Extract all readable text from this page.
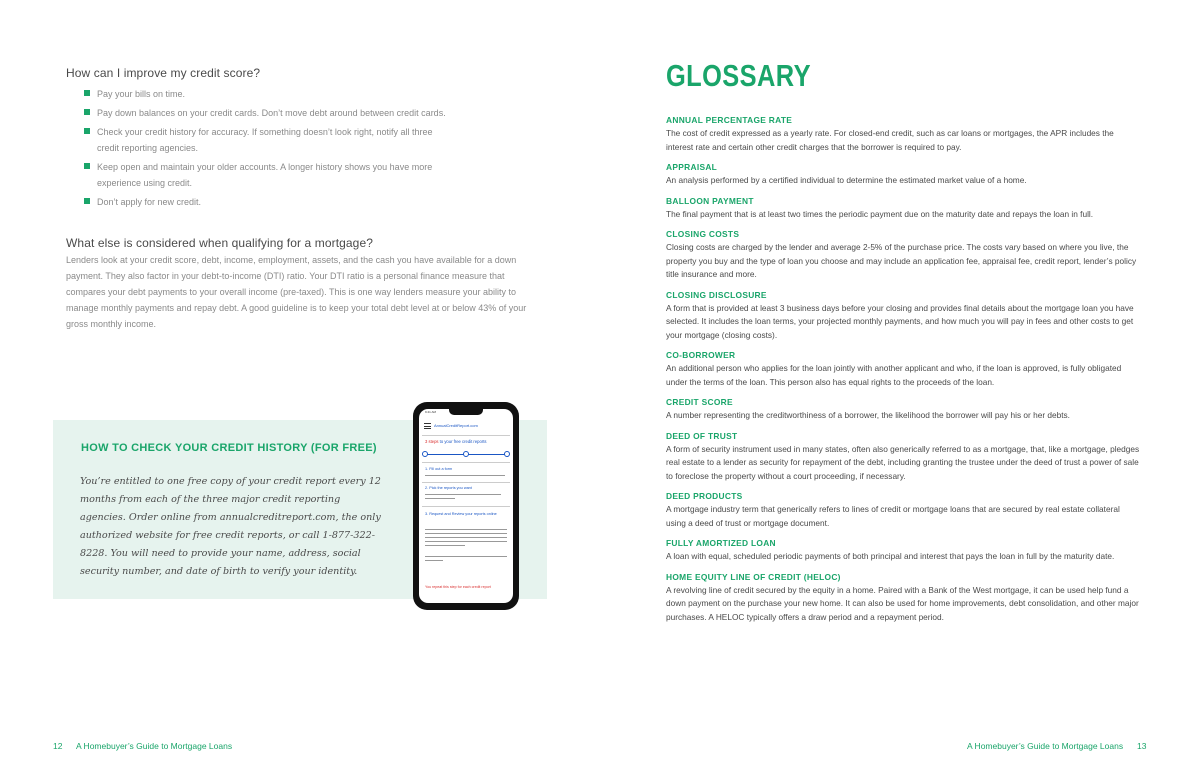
How can I improve my credit score?
Pay your bills on time.
Pay down balances on your credit cards. Don’t move debt around between credit cards.
Check your credit history for accuracy. If something doesn’t look right, notify all three credit reporting agencies.
Keep open and maintain your older accounts. A longer history shows you have more experience using credit.
Don’t apply for new credit.
What else is considered when qualifying for a mortgage?

Lenders look at your credit score, debt, income, employment, assets, and the cash you have available for a down payment. They also factor in your debt-to-income (DTI) ratio. Your DTI ratio is a personal finance measure that compares your debt payments to your overall income (pre-taxed). This is one way lenders measure your ability to manage monthly payments and repay debt. A good guideline is to keep your total debt level at or below 43% of your gross monthly income.

HOW TO CHECK YOUR CREDIT HISTORY (FOR FREE)

You’re entitled to one free copy of your credit report every 12 months from each of the three major credit reporting agencies. Order online from annualcreditreport.com, the only authorized website for free credit reports, or call 1-877-322-8228. You will need to provide your name, address, social security number, and date of birth to verify your identity.

9:41 AM
AnnualCreditReport.com
3 steps to your free credit reports
1. Fill out a form
2. Pick the reports you want
3. Request and Review your reports online
You repeat this step for each credit report
12 A Homebuyer’s Guide to Mortgage Loans
GLOSSARY
ANNUAL PERCENTAGE RATE
The cost of credit expressed as a yearly rate. For closed-end credit, such as car loans or mortgages, the APR includes the interest rate and certain other credit charges that the borrower is required to pay.
APPRAISAL
An analysis performed by a certified individual to determine the estimated market value of a home.
BALLOON PAYMENT
The final payment that is at least two times the periodic payment due on the maturity date and repays the loan in full.
CLOSING COSTS
Closing costs are charged by the lender and average 2-5% of the purchase price. The costs vary based on where you live, the property you buy and the type of loan you choose and may include an application fee, appraisal fee, credit report, lender’s policy title insurance and more.
CLOSING DISCLOSURE
A form that is provided at least 3 business days before your closing and provides final details about the mortgage loan you have selected. It includes the loan terms, your projected monthly payments, and how much you will pay in fees and other costs to get your mortgage (closing costs).
CO-BORROWER
An additional person who applies for the loan jointly with another applicant and who, if the loan is approved, is fully obligated under the terms of the loan. This person also has equal rights to the proceeds of the loan.
CREDIT SCORE
A number representing the creditworthiness of a borrower, the likelihood the borrower will pay his or her debts.
DEED OF TRUST
A form of security instrument used in many states, often also generically referred to as a mortgage, that, like a mortgage, pledges real estate to a lender as security for repayment of the debt, including granting the trustee under the deed of trust a power of sale to foreclose the property without a court proceeding, if necessary.
DEED PRODUCTS
A mortgage industry term that generically refers to lines of credit or mortgage loans that are secured by real estate collateral using a deed of trust or mortgage document.
FULLY AMORTIZED LOAN
A loan with equal, scheduled periodic payments of both principal and interest that pays the loan in full by the maturity date.
HOME EQUITY LINE OF CREDIT (HELOC)
A revolving line of credit secured by the equity in a home. Paired with a Bank of the West mortgage, it can be used help fund a down payment on the purchase your new home. It can also be used for home improvements, debt consolidation, and other major purchases. A HELOC typically offers a draw period and a repayment period.
A Homebuyer’s Guide to Mortgage Loans 13
